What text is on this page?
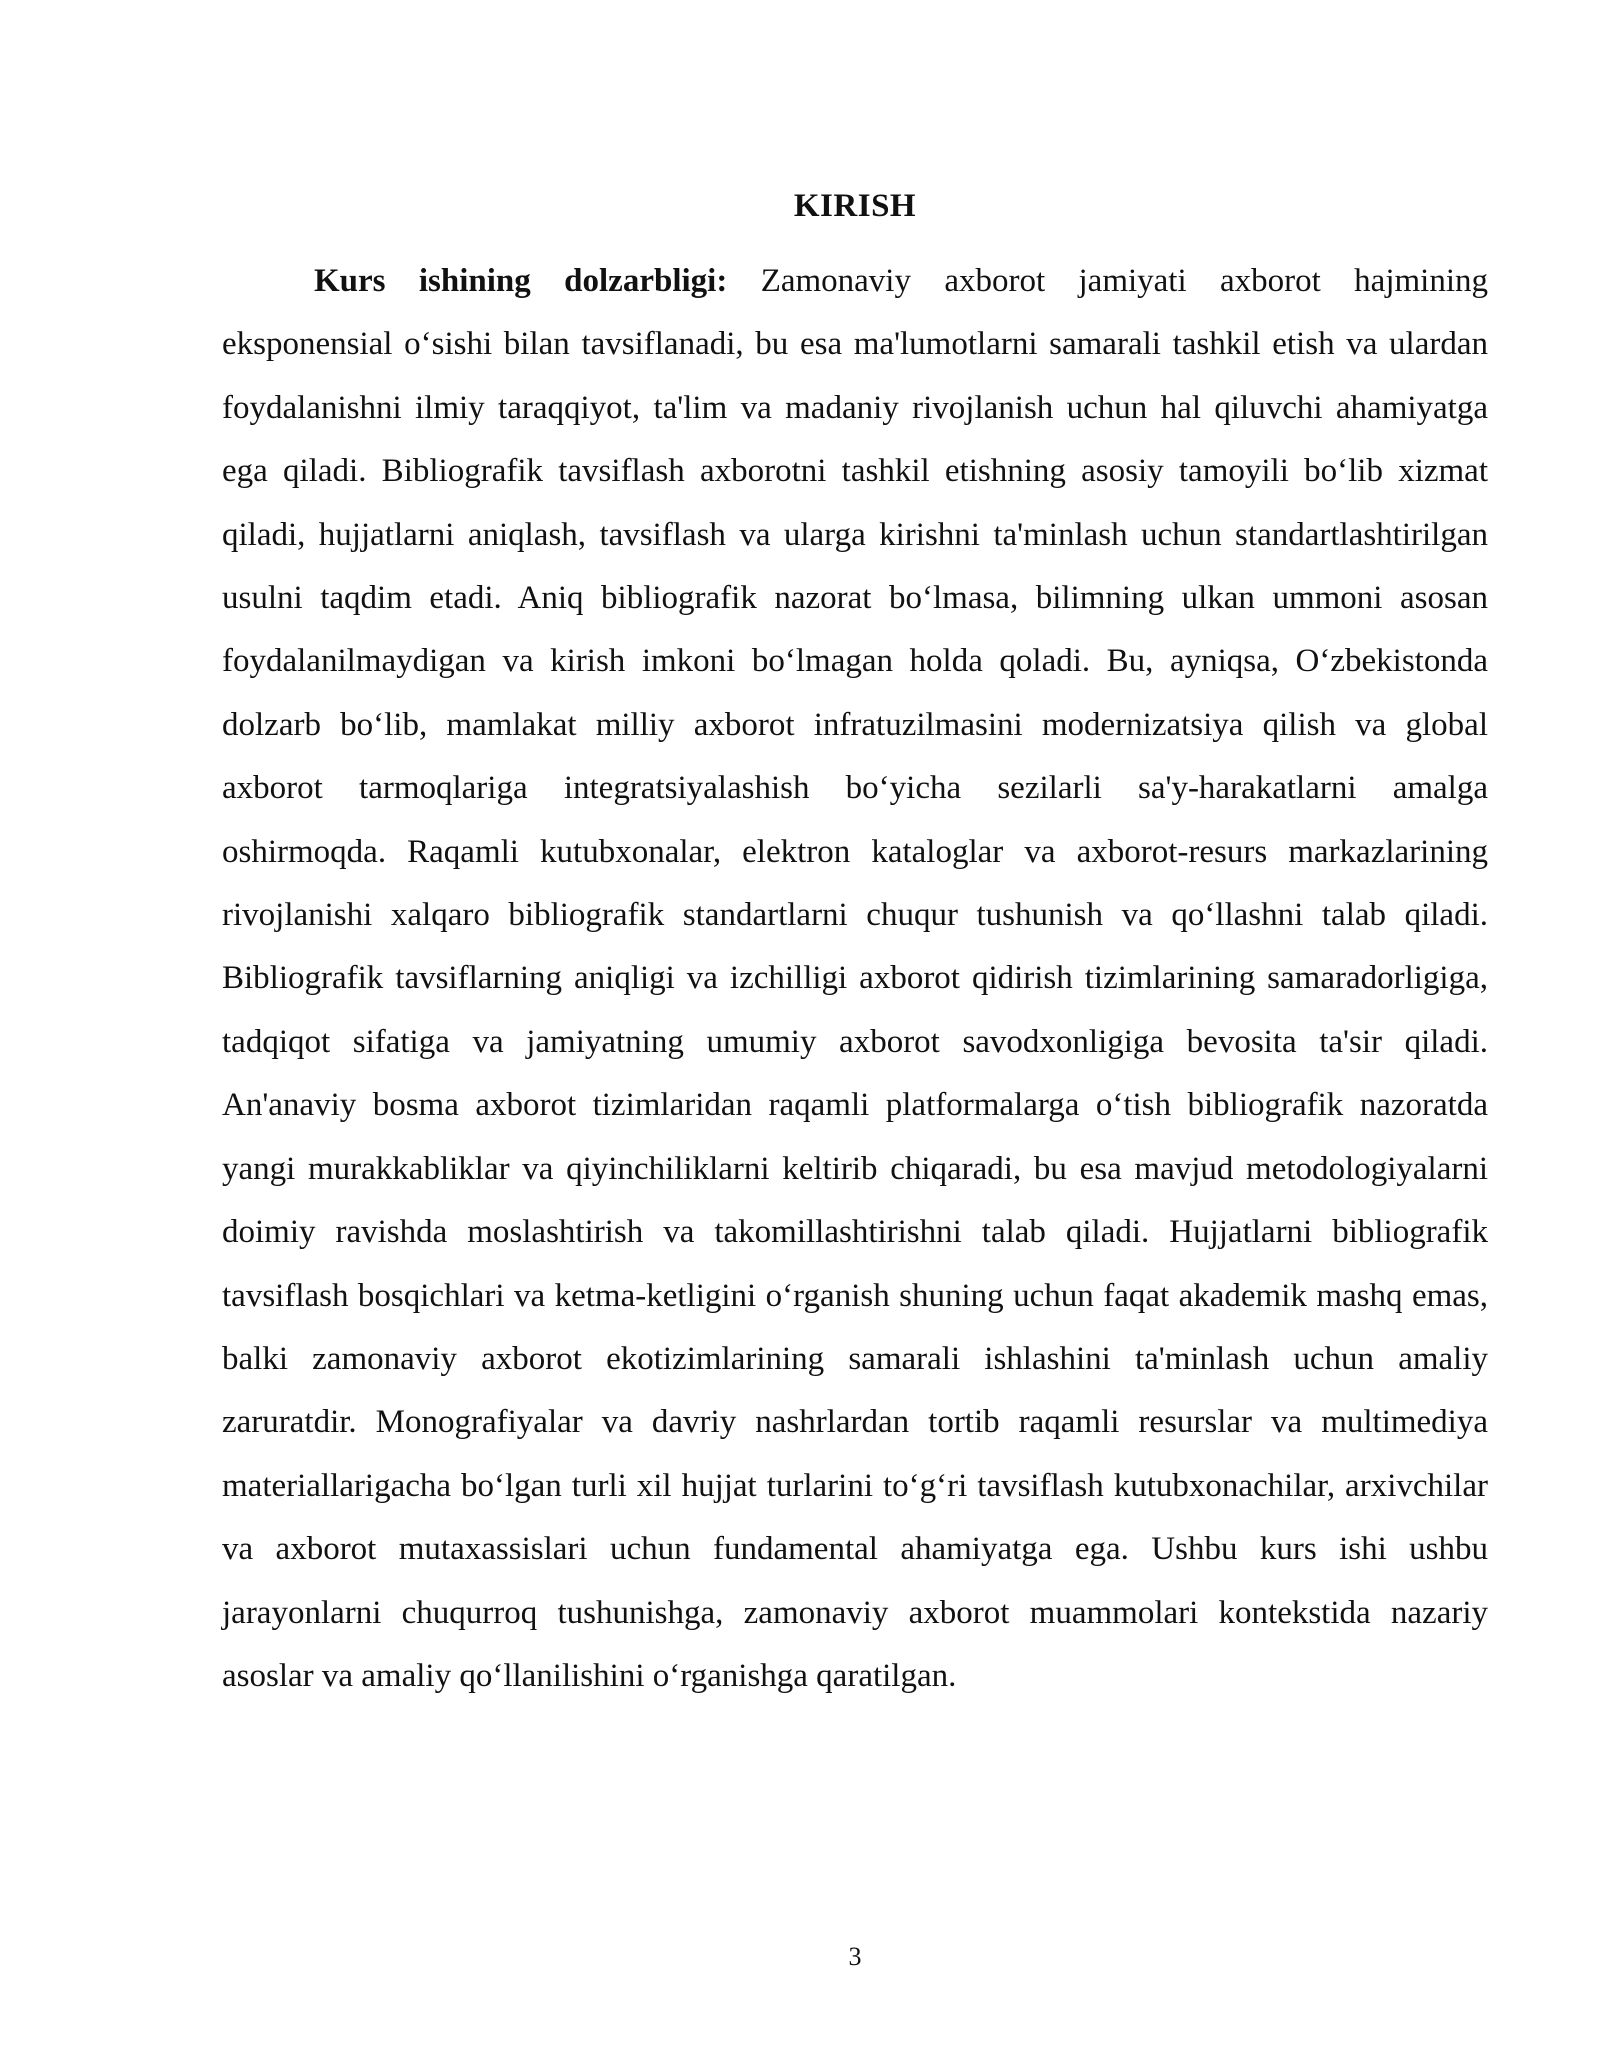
KIRISH

Kurs ishining dolzarbligi: Zamonaviy axborot jamiyati axborot hajmining eksponensial o‘sishi bilan tavsiflanadi, bu esa ma'lumotlarni samarali tashkil etish va ulardan foydalanishni ilmiy taraqqiyot, ta'lim va madaniy rivojlanish uchun hal qiluvchi ahamiyatga ega qiladi. Bibliografik tavsiflash axborotni tashkil etishning asosiy tamoyili bo‘lib xizmat qiladi, hujjatlarni aniqlash, tavsiflash va ularga kirishni ta'minlash uchun standartlashtirilgan usulni taqdim etadi. Aniq bibliografik nazorat bo‘lmasa, bilimning ulkan ummoni asosan foydalanilmaydigan va kirish imkoni bo‘lmagan holda qoladi. Bu, ayniqsa, O‘zbekistonda dolzarb bo‘lib, mamlakat milliy axborot infratuzilmasini modernizatsiya qilish va global axborot tarmoqlariga integratsiyalashish bo‘yicha sezilarli sa'y-harakatlarni amalga oshirmoqda. Raqamli kutubxonalar, elektron kataloglar va axborot-resurs markazlarining rivojlanishi xalqaro bibliografik standartlarni chuqur tushunish va qo‘llashni talab qiladi. Bibliografik tavsiflarning aniqligi va izchilligi axborot qidirish tizimlarining samaradorligiga, tadqiqot sifatiga va jamiyatning umumiy axborot savodxonligiga bevosita ta'sir qiladi. An'anaviy bosma axborot tizimlaridan raqamli platformalarga o‘tish bibliografik nazoratda yangi murakkabliklar va qiyinchiliklarni keltirib chiqaradi, bu esa mavjud metodologiyalarni doimiy ravishda moslashtirish va takomillashtirishni talab qiladi. Hujjatlarni bibliografik tavsiflash bosqichlari va ketma-ketligini o‘rganish shuning uchun faqat akademik mashq emas, balki zamonaviy axborot ekotizimlarining samarali ishlashini ta'minlash uchun amaliy zaruratdir. Monografiyalar va davriy nashrlardan tortib raqamli resurslar va multimediya materiallarigacha bo‘lgan turli xil hujjat turlarini to‘g‘ri tavsiflash kutubxonachilar, arxivchilar va axborot mutaxassislari uchun fundamental ahamiyatga ega. Ushbu kurs ishi ushbu jarayonlarni chuqurroq tushunishga, zamonaviy axborot muammolari kontekstida nazariy asoslar va amaliy qo‘llanilishini o‘rganishga qaratilgan.

3
